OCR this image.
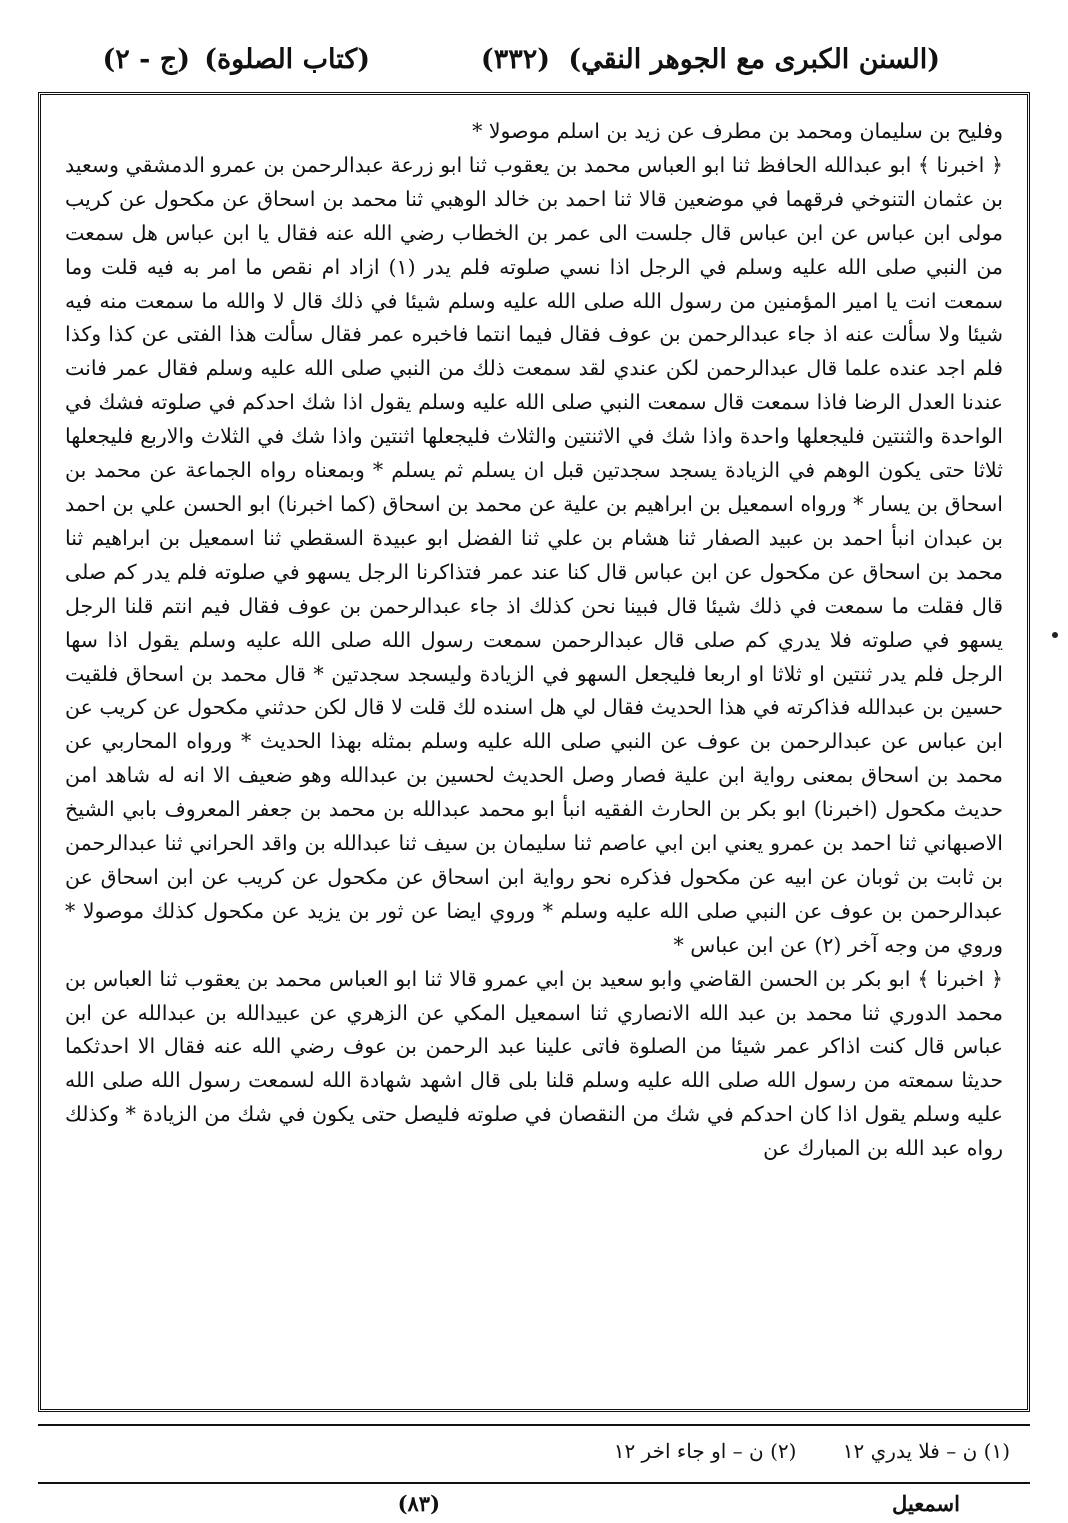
(السنن الكبرى مع الجوهر النقي)
(٣٣٢)
(كتاب الصلوة)
(ج - ٢)

وفليح بن سليمان ومحمد بن مطرف عن زيد بن اسلم موصولا *

﴿ اخبرنا ﴾ ابو عبدالله الحافظ ثنا ابو العباس محمد بن يعقوب ثنا ابو زرعة عبدالرحمن بن عمرو الدمشقي وسعيد بن عثمان التنوخي فرقهما في موضعين قالا ثنا احمد بن خالد الوهبي ثنا محمد بن اسحاق عن مكحول عن كريب مولى ابن عباس عن ابن عباس قال جلست الى عمر بن الخطاب رضي الله عنه فقال يا ابن عباس هل سمعت من النبي صلى الله عليه وسلم في الرجل اذا نسي صلوته فلم يدر (١) ازاد ام نقص ما امر به فيه قلت وما سمعت انت يا امير المؤمنين من رسول الله صلى الله عليه وسلم شيئا في ذلك قال لا والله ما سمعت منه فيه شيئا ولا سألت عنه اذ جاء عبدالرحمن بن عوف فقال فيما انتما فاخبره عمر فقال سألت هذا الفتى عن كذا وكذا فلم اجد عنده علما قال عبدالرحمن لكن عندي لقد سمعت ذلك من النبي صلى الله عليه وسلم فقال عمر فانت عندنا العدل الرضا فاذا سمعت قال سمعت النبي صلى الله عليه وسلم يقول اذا شك احدكم في صلوته فشك في الواحدة والثنتين فليجعلها واحدة واذا شك في الاثنتين والثلاث فليجعلها اثنتين واذا شك في الثلاث والاربع فليجعلها ثلاثا حتى يكون الوهم في الزيادة يسجد سجدتين قبل ان يسلم ثم يسلم * وبمعناه رواه الجماعة عن محمد بن اسحاق بن يسار * ورواه اسمعيل بن ابراهيم بن علية عن محمد بن اسحاق (كما اخبرنا) ابو الحسن علي بن احمد بن عبدان انبأ احمد بن عبيد الصفار ثنا هشام بن علي ثنا الفضل ابو عبيدة السقطي ثنا اسمعيل بن ابراهيم ثنا محمد بن اسحاق عن مكحول عن ابن عباس قال كنا عند عمر فتذاكرنا الرجل يسهو في صلوته فلم يدر كم صلى قال فقلت ما سمعت في ذلك شيئا قال فبينا نحن كذلك اذ جاء عبدالرحمن بن عوف فقال فيم انتم قلنا الرجل يسهو في صلوته فلا يدري كم صلى قال عبدالرحمن سمعت رسول الله صلى الله عليه وسلم يقول اذا سها الرجل فلم يدر ثنتين او ثلاثا او اربعا فليجعل السهو في الزيادة وليسجد سجدتين * قال محمد بن اسحاق فلقيت حسين بن عبدالله فذاكرته في هذا الحديث فقال لي هل اسنده لك قلت لا قال لكن حدثني مكحول عن كريب عن ابن عباس عن عبدالرحمن بن عوف عن النبي صلى الله عليه وسلم بمثله بهذا الحديث * ورواه المحاربي عن محمد بن اسحاق بمعنى رواية ابن علية فصار وصل الحديث لحسين بن عبدالله وهو ضعيف الا انه له شاهد امن حديث مكحول (اخبرنا) ابو بكر بن الحارث الفقيه انبأ ابو محمد عبدالله بن محمد بن جعفر المعروف بابي الشيخ الاصبهاني ثنا احمد بن عمرو يعني ابن ابي عاصم ثنا سليمان بن سيف ثنا عبدالله بن واقد الحراني ثنا عبدالرحمن بن ثابت بن ثوبان عن ابيه عن مكحول فذكره نحو رواية ابن اسحاق عن مكحول عن كريب عن ابن اسحاق عن عبدالرحمن بن عوف عن النبي صلى الله عليه وسلم * وروي ايضا عن ثور بن يزيد عن مكحول كذلك موصولا * وروي من وجه آخر (٢) عن ابن عباس *

﴿ اخبرنا ﴾ ابو بكر بن الحسن القاضي وابو سعيد بن ابي عمرو قالا ثنا ابو العباس محمد بن يعقوب ثنا العباس بن محمد الدوري ثنا محمد بن عبد الله الانصاري ثنا اسمعيل المكي عن الزهري عن عبيدالله بن عبدالله عن ابن عباس قال كنت اذاكر عمر شيئا من الصلوة فاتى علينا عبد الرحمن بن عوف رضي الله عنه فقال الا احدثكما حديثا سمعته من رسول الله صلى الله عليه وسلم قلنا بلى قال اشهد شهادة الله لسمعت رسول الله صلى الله عليه وسلم يقول اذا كان احدكم في شك من النقصان في صلوته فليصل حتى يكون في شك من الزيادة * وكذلك رواه عبد الله بن المبارك عن

(١) ن – فلا يدري ١٢ (٢) ن – او جاء اخر ١٢
اسمعيل
(٨٣)
